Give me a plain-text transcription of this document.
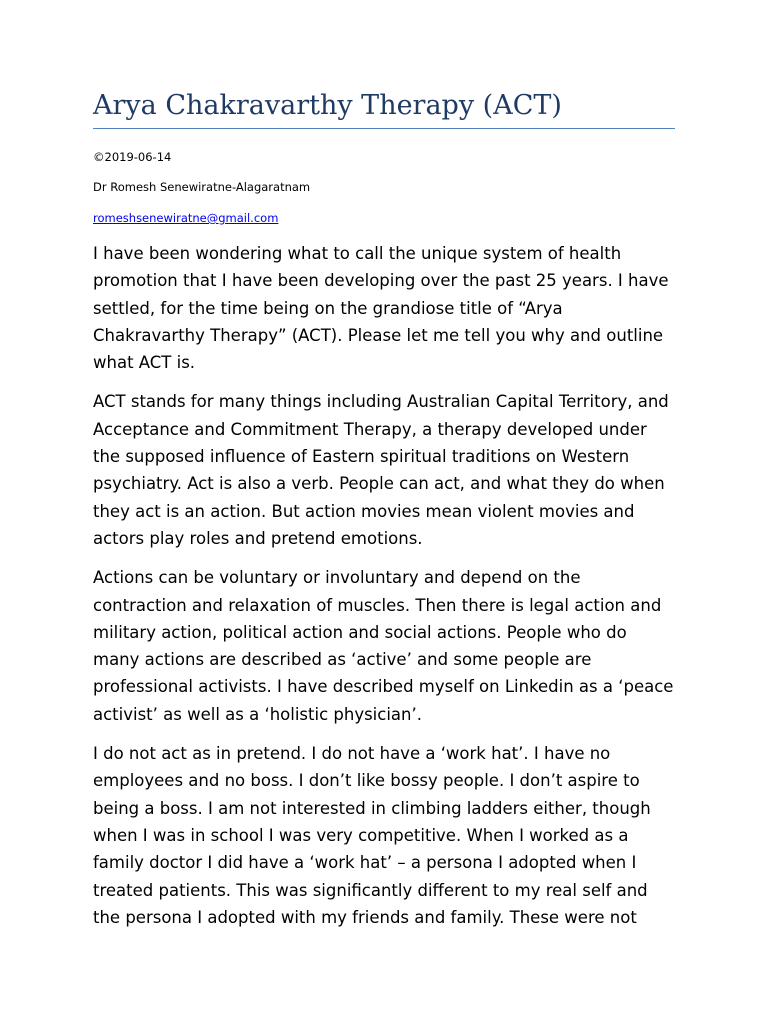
Arya Chakravarthy Therapy (ACT)

©2019-06-14

Dr Romesh Senewiratne-Alagaratnam

romeshsenewiratne@gmail.com

I have been wondering what to call the unique system of health
promotion that I have been developing over the past 25 years. I have
settled, for the time being on the grandiose title of “Arya
Chakravarthy Therapy” (ACT). Please let me tell you why and outline
what ACT is.

ACT stands for many things including Australian Capital Territory, and
Acceptance and Commitment Therapy, a therapy developed under
the supposed influence of Eastern spiritual traditions on Western
psychiatry. Act is also a verb. People can act, and what they do when
they act is an action. But action movies mean violent movies and
actors play roles and pretend emotions.

Actions can be voluntary or involuntary and depend on the
contraction and relaxation of muscles. Then there is legal action and
military action, political action and social actions. People who do
many actions are described as ‘active’ and some people are
professional activists. I have described myself on Linkedin as a ‘peace
activist’ as well as a ‘holistic physician’.

I do not act as in pretend. I do not have a ‘work hat’. I have no
employees and no boss. I don’t like bossy people. I don’t aspire to
being a boss. I am not interested in climbing ladders either, though
when I was in school I was very competitive. When I worked as a
family doctor I did have a ‘work hat’ – a persona I adopted when I
treated patients. This was significantly different to my real self and
the persona I adopted with my friends and family. These were not
